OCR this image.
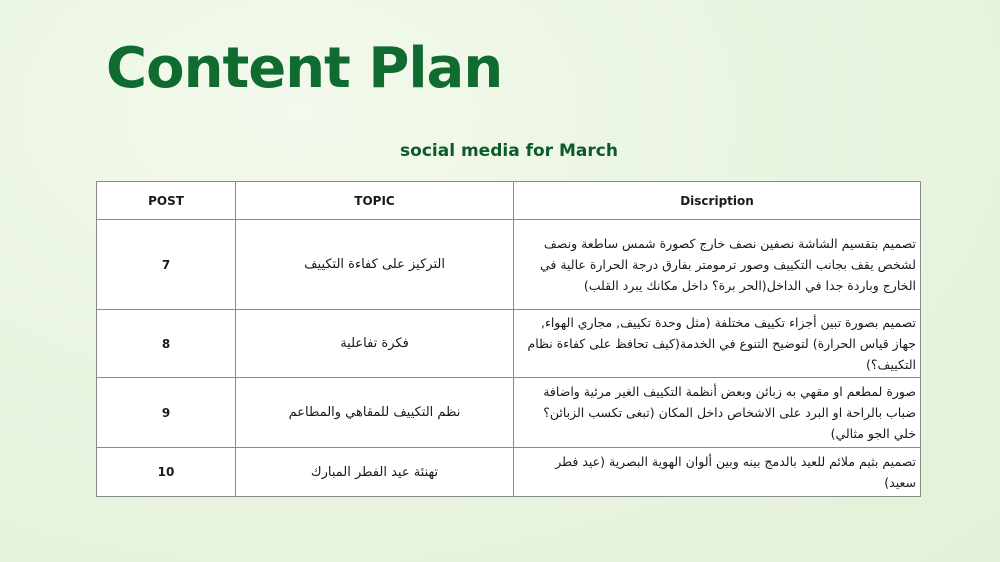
Content Plan
social media for March
POST	TOPIC	Discription
7	التركيز على كفاءة التكييف	تصميم بتقسيم الشاشة نصفين نصف خارج كصورة شمس ساطعة ونصف لشخص يقف بجانب التكييف وصور ترمومتر بفارق درجة الحرارة عالية في الخارج وباردة جدا في الداخل(الحر برة؟ داخل مكانك يبرد القلب)
8	فكرة تفاعلية	تصميم بصورة تبين أجزاء تكييف مختلفة (مثل وحدة تكييف, مجاري الهواء, جهاز قياس الحرارة) لتوضيح التنوع في الخدمة(كيف تحافظ على كفاءة نظام التكييف؟)
9	نظم التكييف للمقاهي والمطاعم	صورة لمطعم او مقهي به زبائن وبعض أنظمة التكييف الغير مرئية واضافة ضباب بالراحة او البرد على الاشخاص داخل المكان (تبغى تكسب الزبائن؟ خلي الجو مثالي)
10	تهنئة عيد الفطر المبارك	تصميم بثيم ملائم للعيد بالدمج بينه وبين ألوان الهوية البصرية (عيد فطر سعيد)
